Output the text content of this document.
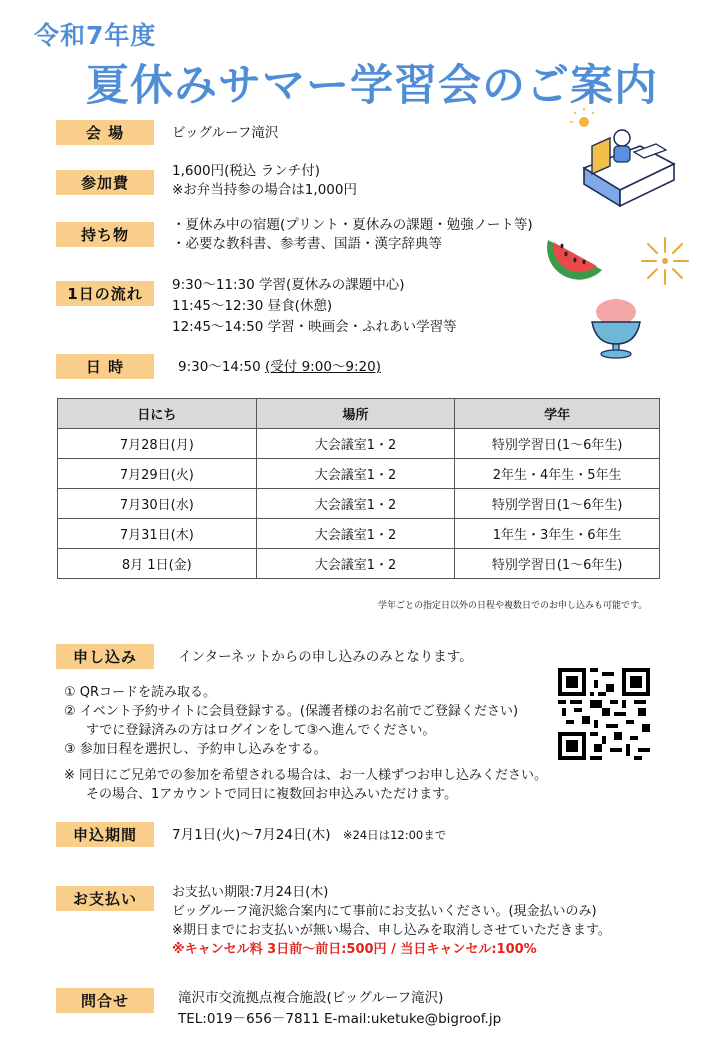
令和7年度
夏休みサマー学習会のご案内
会 場	ビッグルーフ滝沢
参加費
1,600円(税込 ランチ付)
※お弁当持参の場合は1,000円
持ち物
・夏休み中の宿題(プリント・夏休みの課題・勉強ノート等)
・必要な教科書、参考書、国語・漢字辞典等
1日の流れ	9:30～11:30 学習(夏休みの課題中心)
11:45～12:30 昼食(休憩)
12:45～14:50 学習・映画会・ふれあい学習等
日 時	9:30～14:50 (受付 9:00～9:20)
日にち	場所	学年
7月28日(月)	大会議室1・2	特別学習日(1～6年生)
7月29日(火)	大会議室1・2	2年生・4年生・5年生
7月30日(水)	大会議室1・2	特別学習日(1～6年生)
7月31日(木)	大会議室1・2	1年生・3年生・6年生
8月 1日(金)	大会議室1・2	特別学習日(1～6年生)
学年ごとの指定日以外の日程や複数日でのお申し込みも可能です。
申し込み	インターネットからの申し込みのみとなります。
① QRコードを読み取る。
② イベント予約サイトに会員登録する。(保護者様のお名前でご登録ください)
すでに登録済みの方はログインをして③へ進んでください。
③ 参加日程を選択し、予約申し込みをする。
※ 同日にご兄弟での参加を希望される場合は、お一人様ずつお申し込みください。
その場合、1アカウントで同日に複数回お申込みいただけます。
申込期間	7月1日(火)～7月24日(木) ※24日は12:00まで
お支払い	お支払い期限:7月24日(木)
ビッグルーフ滝沢総合案内にて事前にお支払いください。(現金払いのみ)
※期日までにお支払いが無い場合、申し込みを取消しさせていただきます。
※キャンセル料 3日前～前日:500円 / 当日キャンセル:100%
問合せ	滝沢市交流拠点複合施設(ビッグルーフ滝沢)
TEL:019－656－7811 E-mail:uketuke@bigroof.jp
